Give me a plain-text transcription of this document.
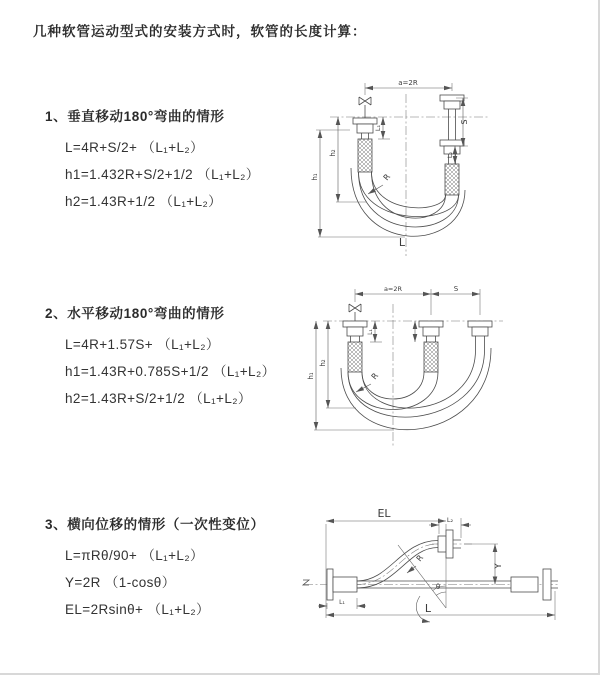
几种软管运动型式的安装方式时，软管的长度计算：
1、垂直移动180°弯曲的情形
L=4R+S/2+ （L₁+L₂）
h1=1.432R+S/2+1/2 （L₁+L₂）
h2=1.43R+1/2 （L₁+L₂）
2、水平移动180°弯曲的情形
L=4R+1.57S+ （L₁+L₂）
h1=1.43R+0.785S+1/2 （L₁+L₂）
h2=1.43R+S/2+1/2 （L₁+L₂）
3、横向位移的情形（一次性变位）
L=πRθ/90+ （L₁+L₂）
Y=2R （1-cosθ）
EL=2Rsinθ+ （L₁+L₂）
a=2R
R
h₁
h₂
L₁
S
L₂
L
a=2R	S
L₁
R
h₁
h₂
EL	L₂
Y
θ
R
L₁	L
